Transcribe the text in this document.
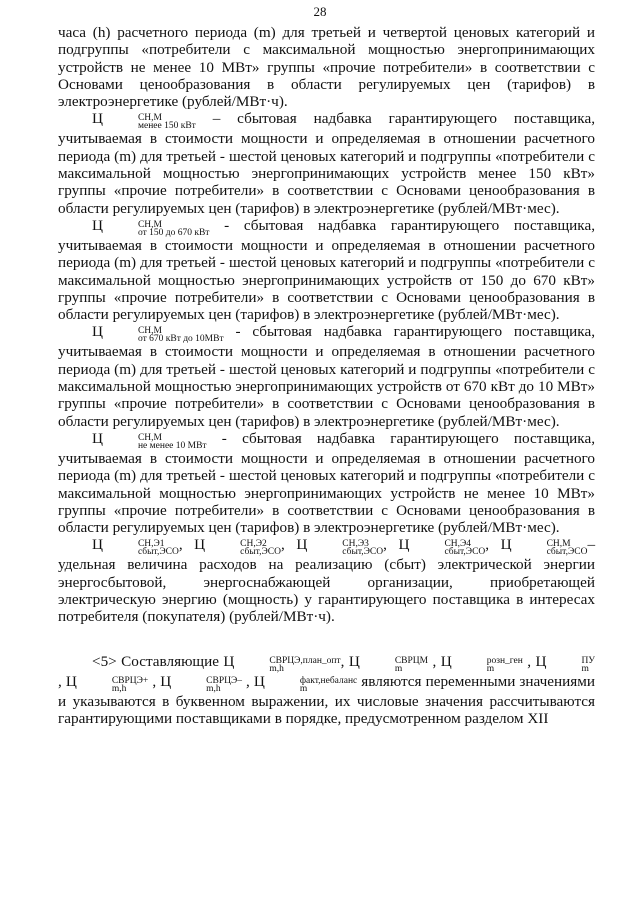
28

часа (h) расчетного периода (m) для третьей и четвертой ценовых категорий и подгруппы «потребители с максимальной мощностью энергопринимающих устройств не менее 10 МВт» группы «прочие потребители» в соответствии с Основами ценообразования в области регулируемых цен (тарифов) в электроэнергетике (рублей/МВт·ч).

Ц	СН,М
менее 150 кВт – сбытовая надбавка гарантирующего поставщика, учитываемая в стоимости мощности и определяемая в отношении расчетного периода (m) для третьей - шестой ценовых категорий и подгруппы «потребители с максимальной мощностью энергопринимающих устройств менее 150 кВт» группы «прочие потребители» в соответствии с Основами ценообразования в области регулируемых цен (тарифов) в электроэнергетике (рублей/МВт·мес).

Ц	СН,М
от 150 до 670 кВт - сбытовая надбавка гарантирующего поставщика, учитываемая в стоимости мощности и определяемая в отношении расчетного периода (m) для третьей - шестой ценовых категорий и подгруппы «потребители с максимальной мощностью энергопринимающих устройств от 150 до 670 кВт» группы «прочие потребители» в соответствии с Основами ценообразования в области регулируемых цен (тарифов) в электроэнергетике (рублей/МВт·мес).

Ц	СН,М
от 670 кВт до 10МВт - сбытовая надбавка гарантирующего поставщика, учитываемая в стоимости мощности и определяемая в отношении расчетного периода (m) для третьей - шестой ценовых категорий и подгруппы «потребители с максимальной мощностью энергопринимающих устройств от 670 кВт до 10 МВт» группы «прочие потребители» в соответствии с Основами ценообразования в области регулируемых цен (тарифов) в электроэнергетике (рублей/МВт·мес).

Ц	СН,М
не менее 10 МВт - сбытовая надбавка гарантирующего поставщика, учитываемая в стоимости мощности и определяемая в отношении расчетного периода (m) для третьей - шестой ценовых категорий и подгруппы «потребители с максимальной мощностью энергопринимающих устройств не менее 10 МВт» группы «прочие потребители» в соответствии с Основами ценообразования в области регулируемых цен (тарифов) в электроэнергетике (рублей/МВт·мес).

Ц	СН,Э1
сбыт,ЭСО , Ц	СН,Э2
сбыт,ЭСО , Ц	СН,Э3
сбыт,ЭСО , Ц	СН,Э4
сбыт,ЭСО , Ц	СН,М
сбыт,ЭСО –удельная величина расходов на реализацию (сбыт) электрической энергии энергосбытовой, энергоснабжающей организации, приобретающей электрическую энергию (мощность) у гарантирующего поставщика в интересах потребителя (покупателя) (рублей/МВт·ч).

<5> Составляющие Ц	СВРЦЭ,план_опт
m,h	, Ц	СВРЦМ
m	, Ц	розн_ген
m	, Ц	ПУ
m
, Ц	СВРЦЭ+
m,h	, Ц	СВРЦЭ–
m,h	, Ц	факт,небаланс
m	являются переменными значениями и указываются в буквенном выражении, их числовые значения рассчитываются гарантирующими поставщиками в порядке, предусмотренном разделом XII
